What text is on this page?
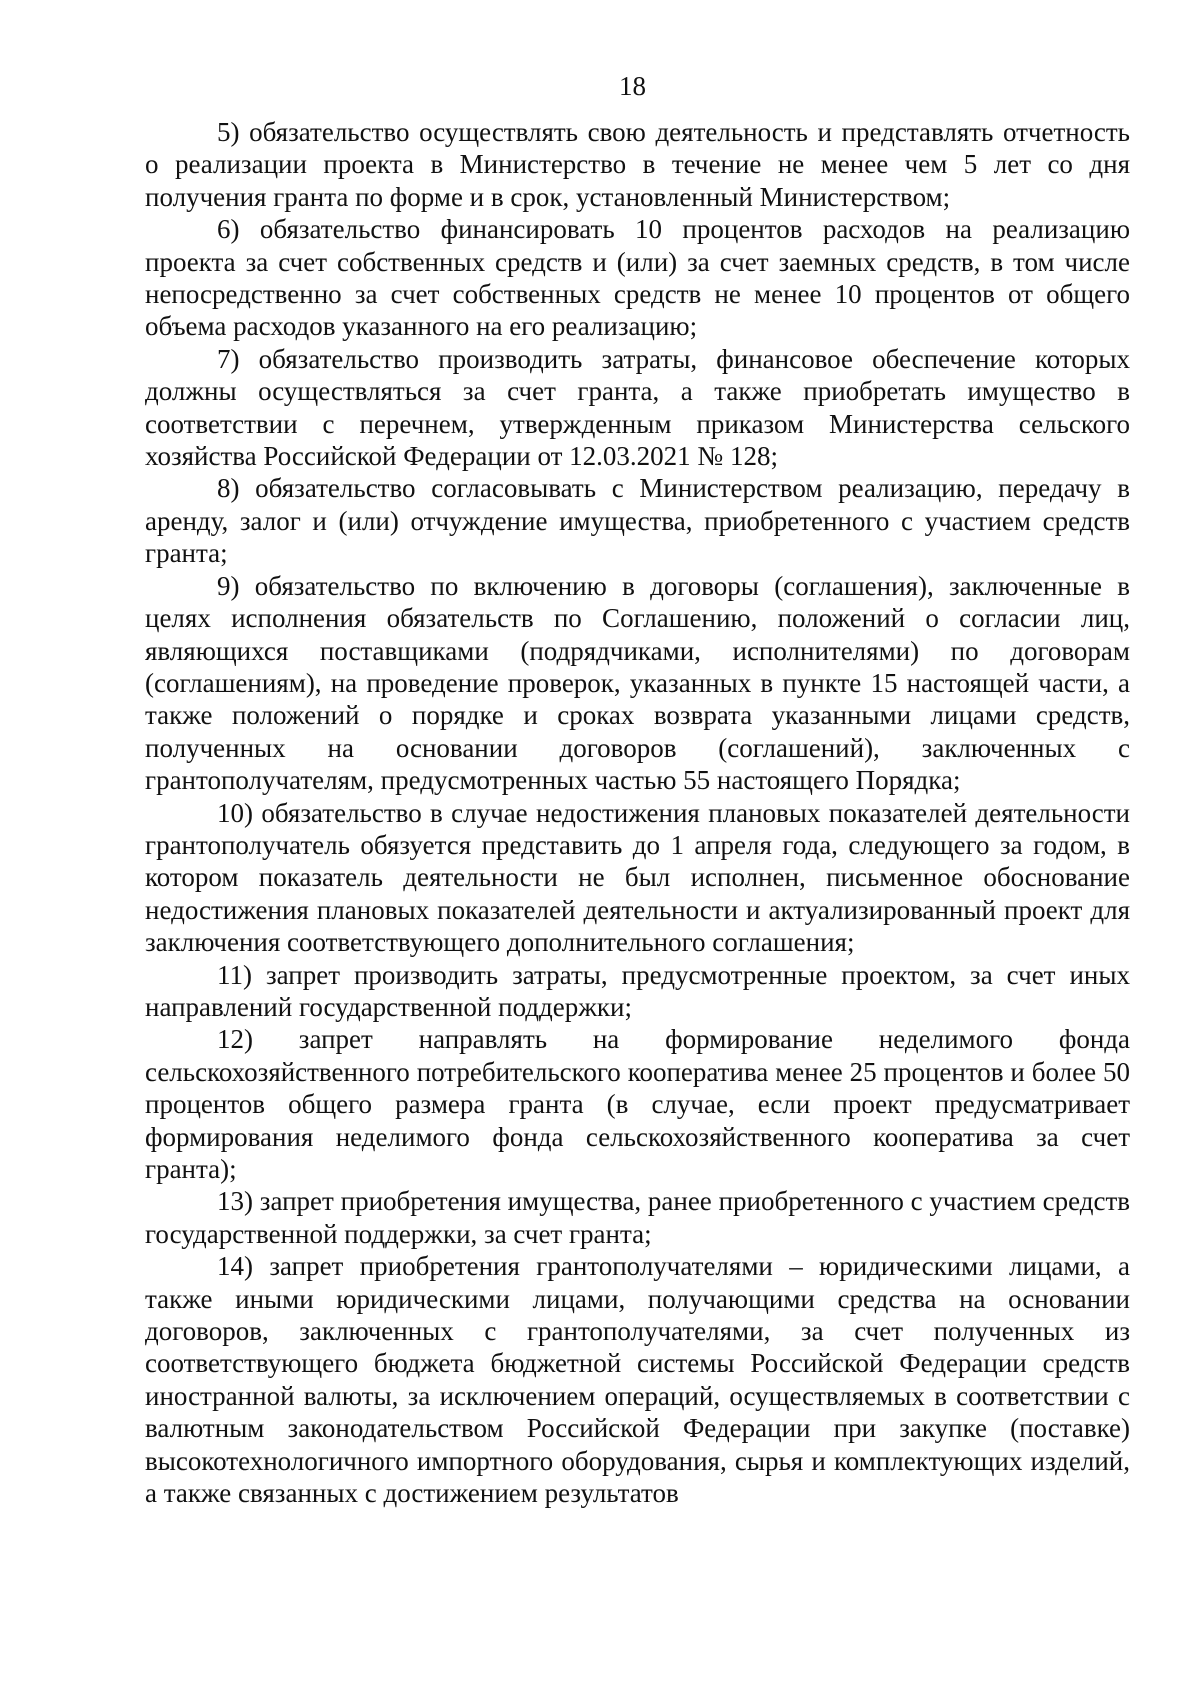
18

5) обязательство осуществлять свою деятельность и представлять отчетность о реализации проекта в Министерство в течение не менее чем 5 лет со дня получения гранта по форме и в срок, установленный Министерством;

6) обязательство финансировать 10 процентов расходов на реализацию проекта за счет собственных средств и (или) за счет заемных средств, в том числе непосредственно за счет собственных средств не менее 10 процентов от общего объема расходов указанного на его реализацию;

7) обязательство производить затраты, финансовое обеспечение которых должны осуществляться за счет гранта, а также приобретать имущество в соответствии с перечнем, утвержденным приказом Министерства сельского хозяйства Российской Федерации от 12.03.2021 № 128;

8) обязательство согласовывать с Министерством реализацию, передачу в аренду, залог и (или) отчуждение имущества, приобретенного с участием средств гранта;

9) обязательство по включению в договоры (соглашения), заключенные в целях исполнения обязательств по Соглашению, положений о согласии лиц, являющихся поставщиками (подрядчиками, исполнителями) по договорам (соглашениям), на проведение проверок, указанных в пункте 15 настоящей части, а также положений о порядке и сроках возврата указанными лицами средств, полученных на основании договоров (соглашений), заключенных с грантополучателям, предусмотренных частью 55 настоящего Порядка;

10) обязательство в случае недостижения плановых показателей деятельности грантополучатель обязуется представить до 1 апреля года, следующего за годом, в котором показатель деятельности не был исполнен, письменное обоснование недостижения плановых показателей деятельности и актуализированный проект для заключения соответствующего дополнительного соглашения;

11) запрет производить затраты, предусмотренные проектом, за счет иных направлений государственной поддержки;

12) запрет направлять на формирование неделимого фонда сельскохозяйственного потребительского кооператива менее 25 процентов и более 50 процентов общего размера гранта (в случае, если проект предусматривает формирования неделимого фонда сельскохозяйственного кооператива за счет гранта);

13) запрет приобретения имущества, ранее приобретенного с участием средств государственной поддержки, за счет гранта;

14) запрет приобретения грантополучателями – юридическими лицами, а также иными юридическими лицами, получающими средства на основании договоров, заключенных с грантополучателями, за счет полученных из соответствующего бюджета бюджетной системы Российской Федерации средств иностранной валюты, за исключением операций, осуществляемых в соответствии с валютным законодательством Российской Федерации при закупке (поставке) высокотехнологичного импортного оборудования, сырья и комплектующих изделий, а также связанных с достижением результатов
